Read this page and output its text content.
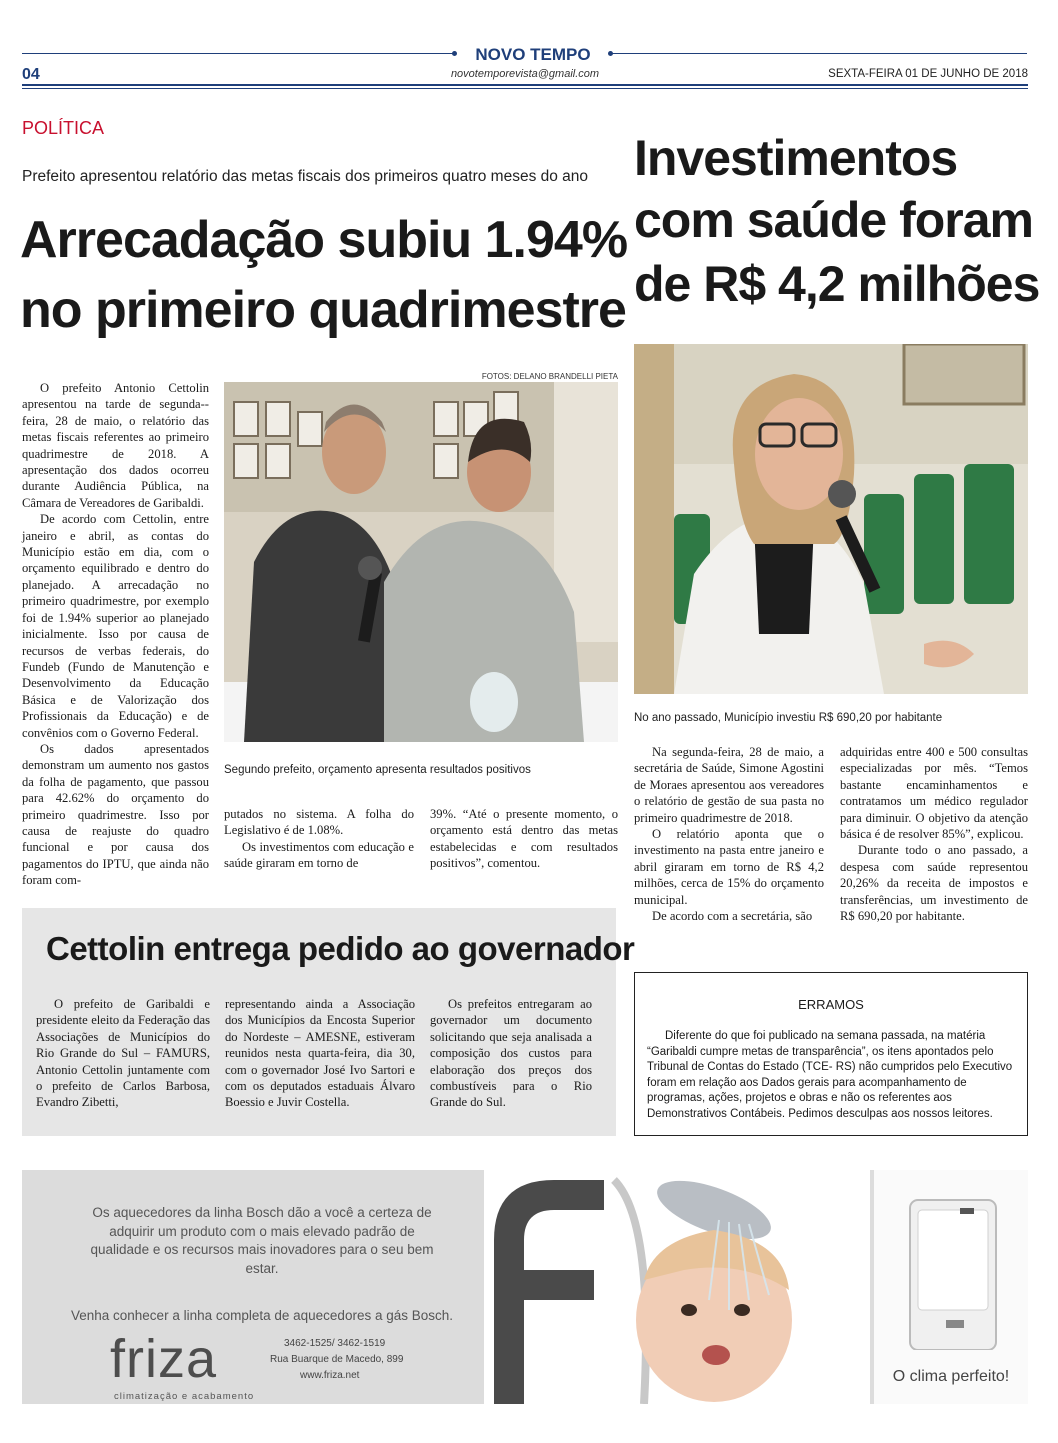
NOVO TEMPO
04	novotemporevista@gmail.com	SEXTA-FEIRA 01 DE JUNHO DE 2018
POLÍTICA
Prefeito apresentou relatório das metas fiscais dos primeiros quatro meses do ano
Arrecadação subiu 1.94%
no primeiro quadrimestre
FOTOS: DELANO BRANDELLI PIETA
Segundo prefeito, orçamento apresenta resultados positivos

O prefeito Antonio Cettolin apresentou na tarde de segunda--feira, 28 de maio, o relatório das metas fiscais referentes ao primeiro quadrimestre de 2018. A apresentação dos dados ocorreu durante Audiência Pública, na Câmara de Vereadores de Garibaldi.

De acordo com Cettolin, entre janeiro e abril, as contas do Município estão em dia, com o orçamento equilibrado e dentro do planejado. A arrecadação no primeiro quadrimestre, por exemplo foi de 1.94% superior ao planejado inicialmente. Isso por causa de recursos de verbas federais, do Fundeb (Fundo de Manutenção e Desenvolvimento da Educação Básica e de Valorização dos Profissionais da Educação) e de convênios com o Governo Federal.

Os dados apresentados demonstram um aumento nos gastos da folha de pagamento, que passou para 42.62% do orçamento do primeiro quadrimestre. Isso por causa de reajuste do quadro funcional e por causa dos pagamentos do IPTU, que ainda não foram com-

putados no sistema. A folha do Legislativo é de 1.08%.

Os investimentos com educação e saúde giraram em torno de

39%. “Até o presente momento, o orçamento está dentro das metas estabelecidas e com resultados positivos”, comentou.

Investimentos
com saúde foram
de R$ 4,2 milhões
No ano passado, Município investiu R$ 690,20 por habitante

Na segunda-feira, 28 de maio, a secretária de Saúde, Simone Agostini de Moraes apresentou aos vereadores o relatório de gestão de sua pasta no primeiro quadrimestre de 2018.

O relatório aponta que o investimento na pasta entre janeiro e abril giraram em torno de R$ 4,2 milhões, cerca de 15% do orçamento municipal.

De acordo com a secretária, são

adquiridas entre 400 e 500 consultas especializadas por mês. “Temos bastante encaminhamentos e contratamos um médico regulador para diminuir. O objetivo da atenção básica é de resolver 85%”, explicou.

Durante todo o ano passado, a despesa com saúde representou 20,26% da receita de impostos e transferências, um investimento de R$ 690,20 por habitante.

Cettolin entrega pedido ao governador

O prefeito de Garibaldi e presidente eleito da Federação das Associações de Municípios do Rio Grande do Sul – FAMURS, Antonio Cettolin juntamente com o prefeito de Carlos Barbosa, Evandro Zibetti,

representando ainda a Associação dos Municípios da Encosta Superior do Nordeste – AMESNE, estiveram reunidos nesta quarta-feira, dia 30, com o governador José Ivo Sartori e com os deputados estaduais Álvaro Boessio e Juvir Costella.

Os prefeitos entregaram ao governador um documento solicitando que seja analisada a composição dos custos para elaboração dos preços dos combustíveis para o Rio Grande do Sul.

ERRAMOS
Diferente do que foi publicado na semana passada, na matéria “Garibaldi cumpre metas de transparência”, os itens apontados pelo Tribunal de Contas do Estado (TCE- RS) não cumpridos pelo Executivo foram em relação aos Dados gerais para acompanhamento de programas, ações, projetos e obras e não os referentes aos Demonstrativos Contábeis. Pedimos desculpas aos nossos leitores.
Os aquecedores da linha Bosch dão a você a certeza de adquirir um produto com o mais elevado padrão de qualidade e os recursos mais inovadores para o seu bem estar.
Venha conhecer a linha completa de aquecedores a gás Bosch.
friza
climatização e acabamento
3462-1525/ 3462-1519
Rua Buarque de Macedo, 899
www.friza.net	O clima perfeito!
